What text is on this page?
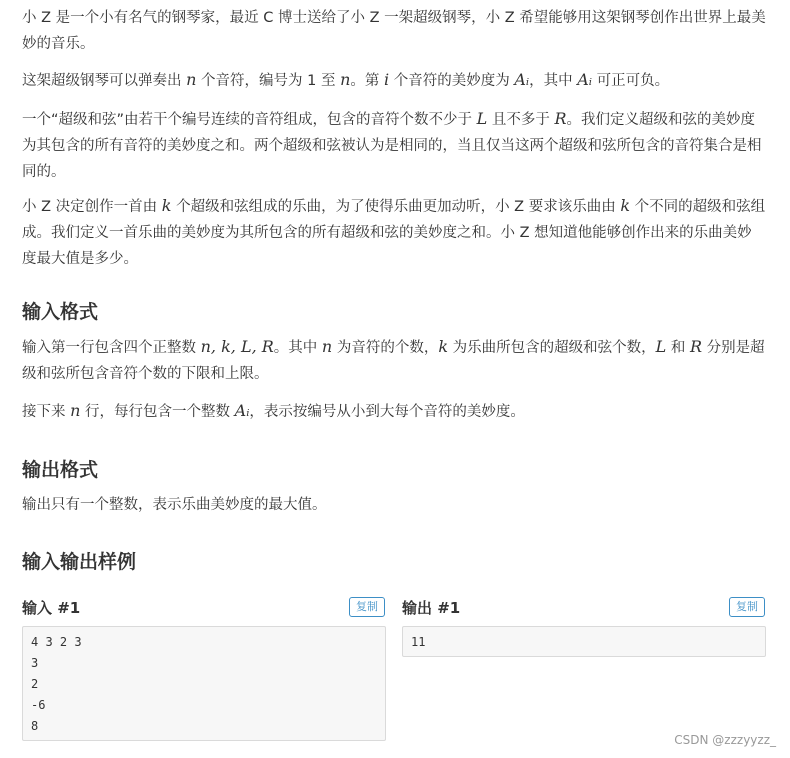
小 Z 是一个小有名气的钢琴家，最近 C 博士送给了小 Z 一架超级钢琴，小 Z 希望能够用这架钢琴创作出世界上最美妙的音乐。
这架超级钢琴可以弹奏出 n 个音符，编号为 1 至 n。第 i 个音符的美妙度为 Aᵢ，其中 Aᵢ 可正可负。
一个“超级和弦”由若干个编号连续的音符组成，包含的音符个数不少于 L 且不多于 R。我们定义超级和弦的美妙度为其包含的所有音符的美妙度之和。两个超级和弦被认为是相同的，当且仅当这两个超级和弦所包含的音符集合是相同的。
小 Z 决定创作一首由 k 个超级和弦组成的乐曲，为了使得乐曲更加动听，小 Z 要求该乐曲由 k 个不同的超级和弦组成。我们定义一首乐曲的美妙度为其所包含的所有超级和弦的美妙度之和。小 Z 想知道他能够创作出来的乐曲美妙度最大值是多少。
输入格式
输入第一行包含四个正整数 n, k, L, R。其中 n 为音符的个数，k 为乐曲所包含的超级和弦个数，L 和 R 分别是超级和弦所包含音符个数的下限和上限。
接下来 n 行，每行包含一个整数 Aᵢ，表示按编号从小到大每个音符的美妙度。
输出格式
输出只有一个整数，表示乐曲美妙度的最大值。
输入输出样例
输入 #1	复制
4 3 2 3
3
2
-6
8
输出 #1	复制
11
CSDN @zzzyyzz_
